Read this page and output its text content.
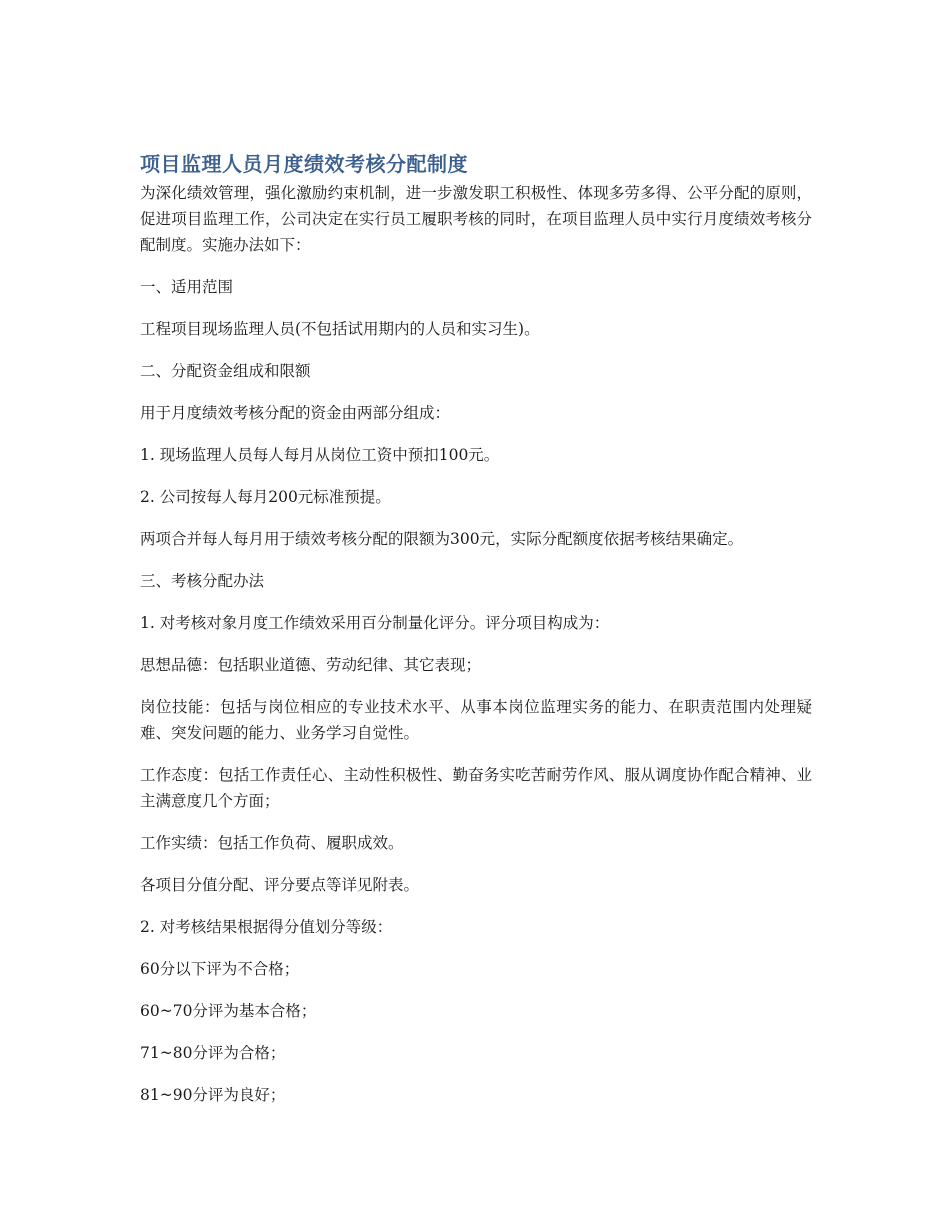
项目监理人员月度绩效考核分配制度

为深化绩效管理，强化激励约束机制，进一步激发职工积极性、体现多劳多得、公平分配的原则，促进项目监理工作，公司决定在实行员工履职考核的同时，在项目监理人员中实行月度绩效考核分配制度。实施办法如下：

一、适用范围

工程项目现场监理人员(不包括试用期内的人员和实习生)。

二、分配资金组成和限额

用于月度绩效考核分配的资金由两部分组成：

1. 现场监理人员每人每月从岗位工资中预扣100元。

2. 公司按每人每月200元标准预提。

两项合并每人每月用于绩效考核分配的限额为300元，实际分配额度依据考核结果确定。

三、考核分配办法

1. 对考核对象月度工作绩效采用百分制量化评分。评分项目构成为：

思想品德：包括职业道德、劳动纪律、其它表现；

岗位技能：包括与岗位相应的专业技术水平、从事本岗位监理实务的能力、在职责范围内处理疑难、突发问题的能力、业务学习自觉性。

工作态度：包括工作责任心、主动性积极性、勤奋务实吃苦耐劳作风、服从调度协作配合精神、业主满意度几个方面；

工作实绩：包括工作负荷、履职成效。

各项目分值分配、评分要点等详见附表。

2. 对考核结果根据得分值划分等级：

60分以下评为不合格；

60~70分评为基本合格；

71~80分评为合格；

81~90分评为良好；
